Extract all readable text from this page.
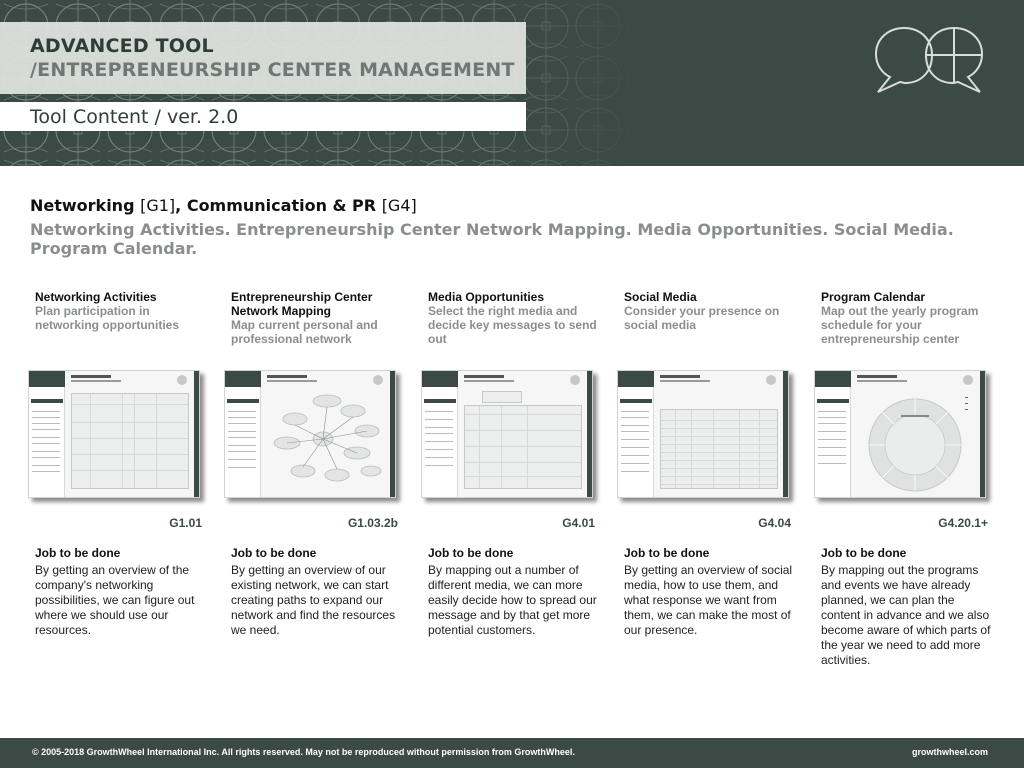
ADVANCED TOOL
/ENTREPRENEURSHIP CENTER MANAGEMENT
Tool Content / ver. 2.0
Networking [G1], Communication & PR [G4]
Networking Activities. Entrepreneurship Center Network Mapping. Media Opportunities. Social Media. Program Calendar.
Networking Activities
Plan participation in networking opportunities
G1.01
Job to be done
By getting an overview of the company's networking possibilities, we can figure out where we should use our resources.
Entrepreneurship Center Network Mapping
Map current personal and professional network
G1.03.2b
Job to be done
By getting an overview of our existing network, we can start creating paths to expand our network and find the resources we need.
Media Opportunities
Select the right media and decide key messages to send out
G4.01
Job to be done
By mapping out a number of different media, we can more easily decide how to spread our message and by that get more potential customers.
Social Media
Consider your presence on social media
G4.04
Job to be done
By getting an overview of social media, how to use them, and what response we want from them, we can make the most of our presence.
Program Calendar
Map out the yearly program schedule for your entrepreneurship center
G4.20.1+
Job to be done
By mapping out the programs and events we have already planned, we can plan the content in advance and we also become aware of which parts of the year we need to add more activities.
© 2005-2018 GrowthWheel International Inc. All rights reserved. May not be reproduced without permission from GrowthWheel.	growthwheel.com
